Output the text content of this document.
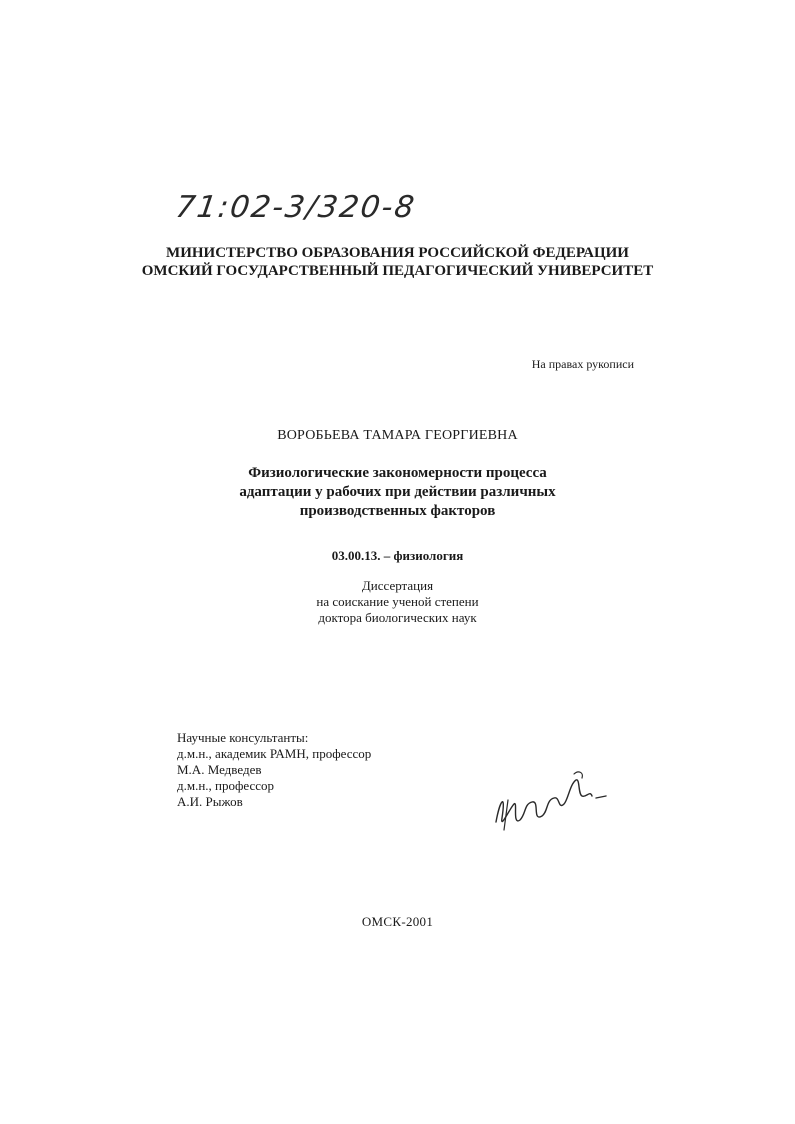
71:02-3/320-8
МИНИСТЕРСТВО ОБРАЗОВАНИЯ РОССИЙСКОЙ ФЕДЕРАЦИИ
ОМСКИЙ ГОСУДАРСТВЕННЫЙ ПЕДАГОГИЧЕСКИЙ УНИВЕРСИТЕТ
На правах рукописи
ВОРОБЬЕВА ТАМАРА ГЕОРГИЕВНА
Физиологические закономерности процесса
адаптации у рабочих при действии различных
производственных факторов
03.00.13. – физиология
Диссертация
на соискание ученой степени
доктора биологических наук
Научные консультанты:
д.м.н., академик РАМН, профессор
М.А. Медведев
д.м.н., профессор
А.И. Рыжов
ОМСК-2001
